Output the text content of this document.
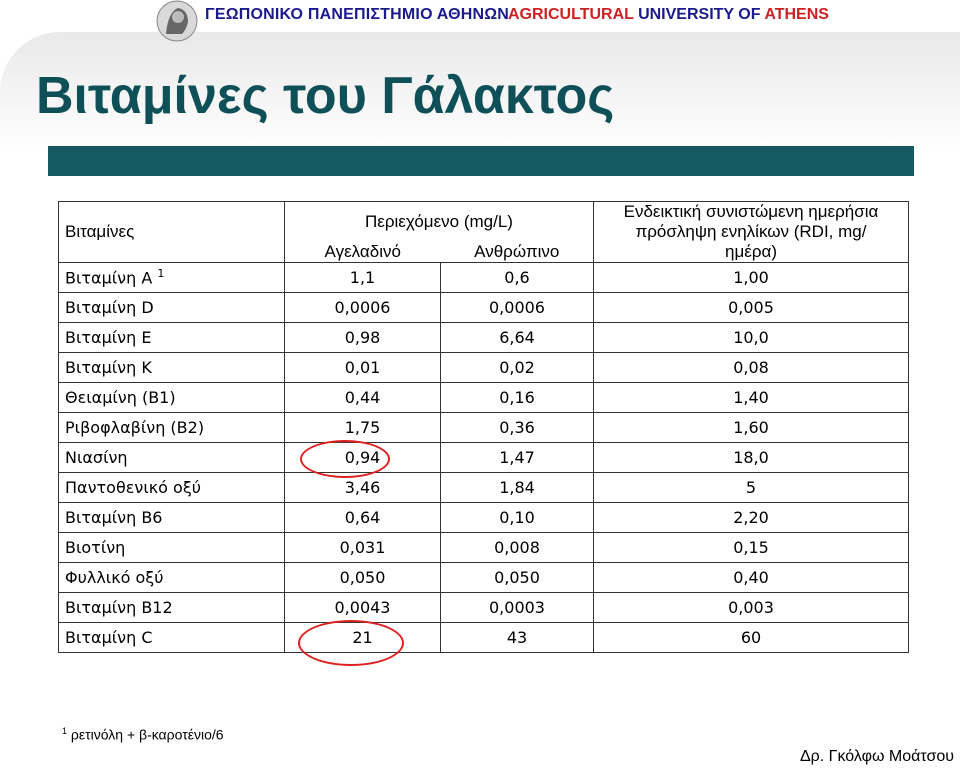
ΓΕΩΠΟΝΙΚΟ ΠΑΝΕΠΙΣΤΗΜΙΟ ΑΘΗΝΩΝ
AGRICULTURAL UNIVERSITY OF ATHENS
Βιταμίνες του Γάλακτος
Βιταμίνες	Περιεχόμενο (mg/L)		Ενδεικτική συνιστώμενη ημερήσια πρόσληψη ενηλίκων (RDI, mg/ημέρα)

	Αγελαδινό	Ανθρώπινο	
Βιταμίνη Α $^1$	1,1	0,6	1,00
Βιταμίνη D	0,0006	0,0006	0,005
Βιταμίνη Ε	0,98	6,64	10,0
Βιταμίνη Κ	0,01	0,02	0,08
Θειαμίνη (Β1)	0,44	0,16	1,40
Ριβοφλαβίνη (Β2)	1,75	0,36	1,60
Νιασίνη	0,94	1,47	18,0
Παντοθενικό οξύ	3,46	1,84	5
Βιταμίνη Β6	0,64	0,10	2,20
Βιοτίνη	0,031	0,008	0,15
Φυλλικό οξύ	0,050	0,050	0,40
Βιταμίνη Β12	0,0043	0,0003	0,003
Βιταμίνη C	21	43	60
$^1$ ρετινόλη + β-καροτένιο/6
Δρ. Γκόλφω Μοάτσου
